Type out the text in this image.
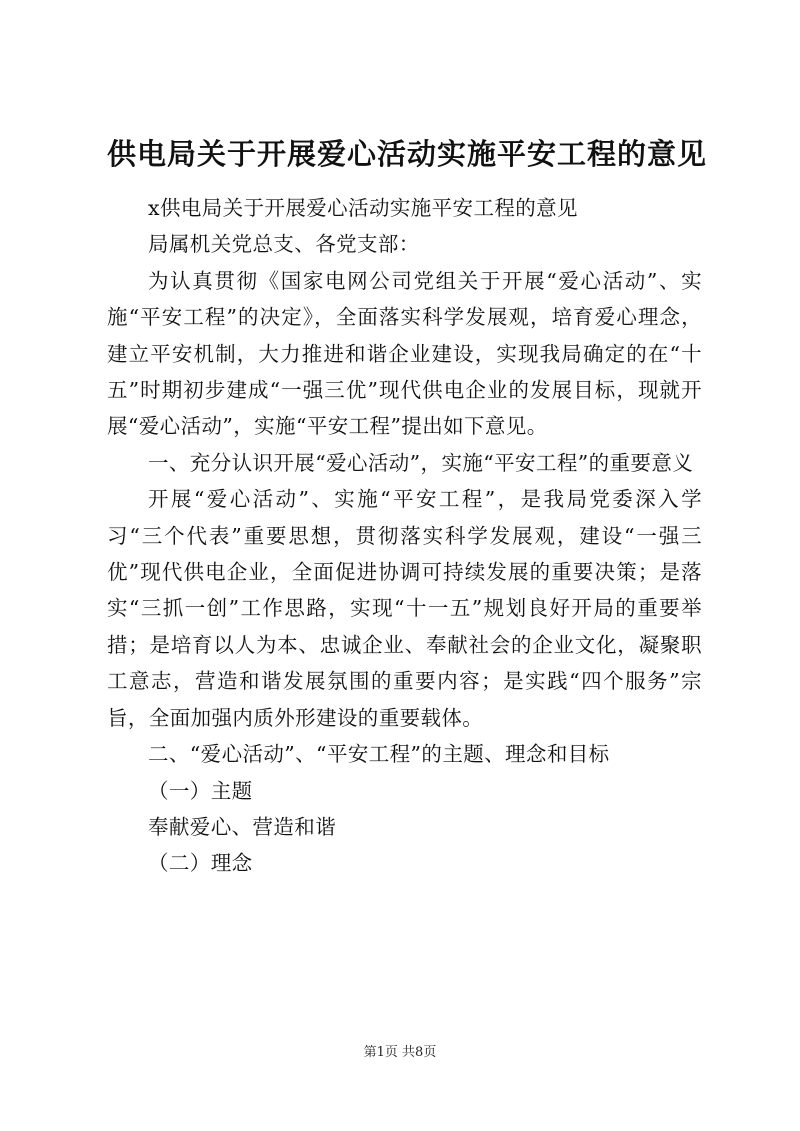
供电局关于开展爱心活动实施平安工程的意见

x供电局关于开展爱心活动实施平安工程的意见

局属机关党总支、各党支部：

为认真贯彻《国家电网公司党组关于开展“爱心活动”、实施“平安工程”的决定》，全面落实科学发展观，培育爱心理念，建立平安机制，大力推进和谐企业建设，实现我局确定的在“十五”时期初步建成“一强三优”现代供电企业的发展目标，现就开展“爱心活动”，实施“平安工程”提出如下意见。

一、充分认识开展“爱心活动”，实施“平安工程”的重要意义

开展“爱心活动”、实施“平安工程”，是我局党委深入学习“三个代表”重要思想，贯彻落实科学发展观，建设“一强三优”现代供电企业，全面促进协调可持续发展的重要决策；是落实“三抓一创”工作思路，实现“十一五”规划良好开局的重要举措；是培育以人为本、忠诚企业、奉献社会的企业文化，凝聚职工意志，营造和谐发展氛围的重要内容；是实践“四个服务”宗旨，全面加强内质外形建设的重要载体。

二、“爱心活动”、“平安工程”的主题、理念和目标

（一）主题

奉献爱心、营造和谐

（二）理念

第1页 共8页
